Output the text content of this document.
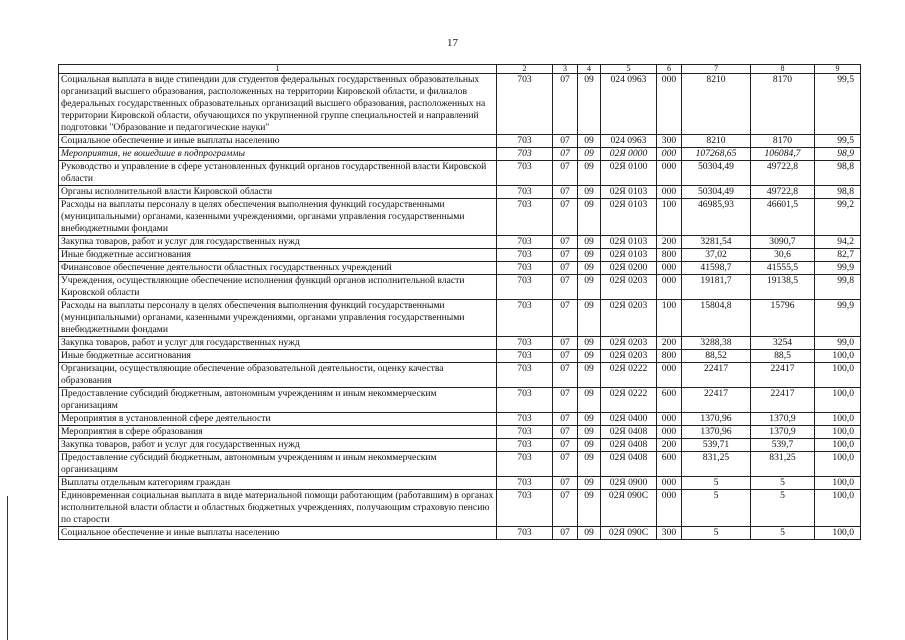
17
1	2	3	4	5	6	7	8	9
Социальная выплата в виде стипендии для студентов федеральных государственных образовательных организаций высшего образования, расположенных на территории Кировской области, и филиалов федеральных государственных образовательных организаций высшего образования, расположенных на территории Кировской области, обучающихся по укрупненной группе специальностей и направлений подготовки "Образование и педагогические науки"	703	07	09	024 0963	000	8210	8170	99,5
Социальное обеспечение и иные выплаты населению	703	07	09	024 0963	300	8210	8170	99,5
Мероприятия, не вошедшие в подпрограммы	703	07	09	02Я 0000	000	107268,65	106084,7	98,9
Руководство и управление в сфере установленных функций органов государственной власти Кировской области	703	07	09	02Я 0100	000	50304,49	49722,8	98,8
Органы исполнительной власти Кировской области	703	07	09	02Я 0103	000	50304,49	49722,8	98,8
Расходы на выплаты персоналу в целях обеспечения выполнения функций государственными (муниципальными) органами, казенными учреждениями, органами управления государственными внебюджетными фондами	703	07	09	02Я 0103	100	46985,93	46601,5	99,2
Закупка товаров, работ и услуг для государственных нужд	703	07	09	02Я 0103	200	3281,54	3090,7	94,2
Иные бюджетные ассигнования	703	07	09	02Я 0103	800	37,02	30,6	82,7
Финансовое обеспечение деятельности областных государственных учреждений	703	07	09	02Я 0200	000	41598,7	41555,5	99,9
Учреждения, осуществляющие обеспечение исполнения функций органов исполнительной власти Кировской области	703	07	09	02Я 0203	000	19181,7	19138,5	99,8
Расходы на выплаты персоналу в целях обеспечения выполнения функций государственными (муниципальными) органами, казенными учреждениями, органами управления государственными внебюджетными фондами	703	07	09	02Я 0203	100	15804,8	15796	99,9
Закупка товаров, работ и услуг для государственных нужд	703	07	09	02Я 0203	200	3288,38	3254	99,0
Иные бюджетные ассигнования	703	07	09	02Я 0203	800	88,52	88,5	100,0
Организации, осуществляющие обеспечение образовательной деятельности, оценку качества образования	703	07	09	02Я 0222	000	22417	22417	100,0
Предоставление субсидий бюджетным, автономным учреждениям и иным некоммерческим организациям	703	07	09	02Я 0222	600	22417	22417	100,0
Мероприятия в установленной сфере деятельности	703	07	09	02Я 0400	000	1370,96	1370,9	100,0
Мероприятия в сфере образования	703	07	09	02Я 0408	000	1370,96	1370,9	100,0
Закупка товаров, работ и услуг для государственных нужд	703	07	09	02Я 0408	200	539,71	539,7	100,0
Предоставление субсидий бюджетным, автономным учреждениям и иным некоммерческим организациям	703	07	09	02Я 0408	600	831,25	831,25	100,0
Выплаты отдельным категориям граждан	703	07	09	02Я 0900	000	5	5	100,0
Единовременная социальная выплата в виде материальной помощи работающим (работавшим) в органах исполнительной власти области и областных бюджетных учреждениях, получающим страховую пенсию по старости	703	07	09	02Я 090С	000	5	5	100,0
Социальное обеспечение и иные выплаты населению	703	07	09	02Я 090С	300	5	5	100,0
